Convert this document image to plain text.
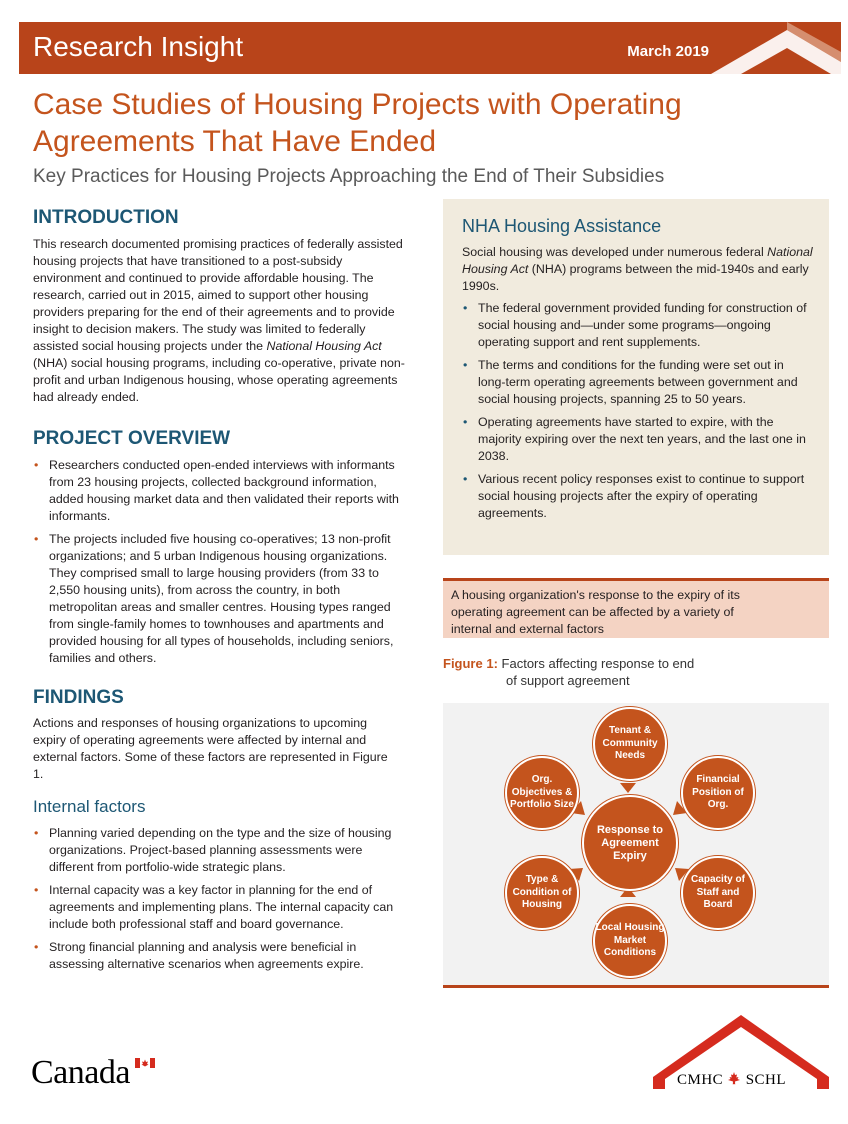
Research Insight	March 2019
Case Studies of Housing Projects with Operating Agreements That Have Ended
Key Practices for Housing Projects Approaching the End of Their Subsidies
INTRODUCTION
This research documented promising practices of federally assisted housing projects that have transitioned to a post-subsidy environment and continued to provide affordable housing. The research, carried out in 2015, aimed to support other housing providers preparing for the end of their agreements and to provide insight to decision makers. The study was limited to federally assisted social housing projects under the National Housing Act (NHA) social housing programs, including co-operative, private non-profit and urban Indigenous housing, whose operating agreements had already ended.
PROJECT OVERVIEW
• Researchers conducted open-ended interviews with informants from 23 housing projects, collected background information, added housing market data and then validated their reports with informants.
• The projects included five housing co-operatives; 13 non-profit organizations; and 5 urban Indigenous housing organizations. They comprised small to large housing providers (from 33 to 2,550 housing units), from across the country, in both metropolitan areas and smaller centres. Housing types ranged from single-family homes to townhouses and apartments and provided housing for all types of households, including seniors, families and others.
FINDINGS
Actions and responses of housing organizations to upcoming expiry of operating agreements were affected by internal and external factors. Some of these factors are represented in Figure 1.
Internal factors
• Planning varied depending on the type and the size of housing organizations. Project-based planning assessments were different from portfolio-wide strategic plans.
• Internal capacity was a key factor in planning for the end of agreements and implementing plans. The internal capacity can include both professional staff and board governance.
• Strong financial planning and analysis were beneficial in assessing alternative scenarios when agreements expire.
NHA Housing Assistance
Social housing was developed under numerous federal National Housing Act (NHA) programs between the mid-1940s and early 1990s.
• The federal government provided funding for construction of social housing and—under some programs—ongoing operating support and rent supplements.
• The terms and conditions for the funding were set out in long-term operating agreements between government and social housing projects, spanning 25 to 50 years.
• Operating agreements have started to expire, with the majority expiring over the next ten years, and the last one in 2038.
• Various recent policy responses exist to continue to support social housing projects after the expiry of operating agreements.
A housing organization's response to the expiry of its operating agreement can be affected by a variety of internal and external factors
Figure 1: Factors affecting response to end
of support agreement
Tenant & Community Needs
Financial Position of Org.
Capacity of Staff and Board
Local Housing Market Conditions
Type & Condition of Housing
Org. Objectives & Portfolio Size
Response to Agreement Expiry
Canada	CMHC SCHL
